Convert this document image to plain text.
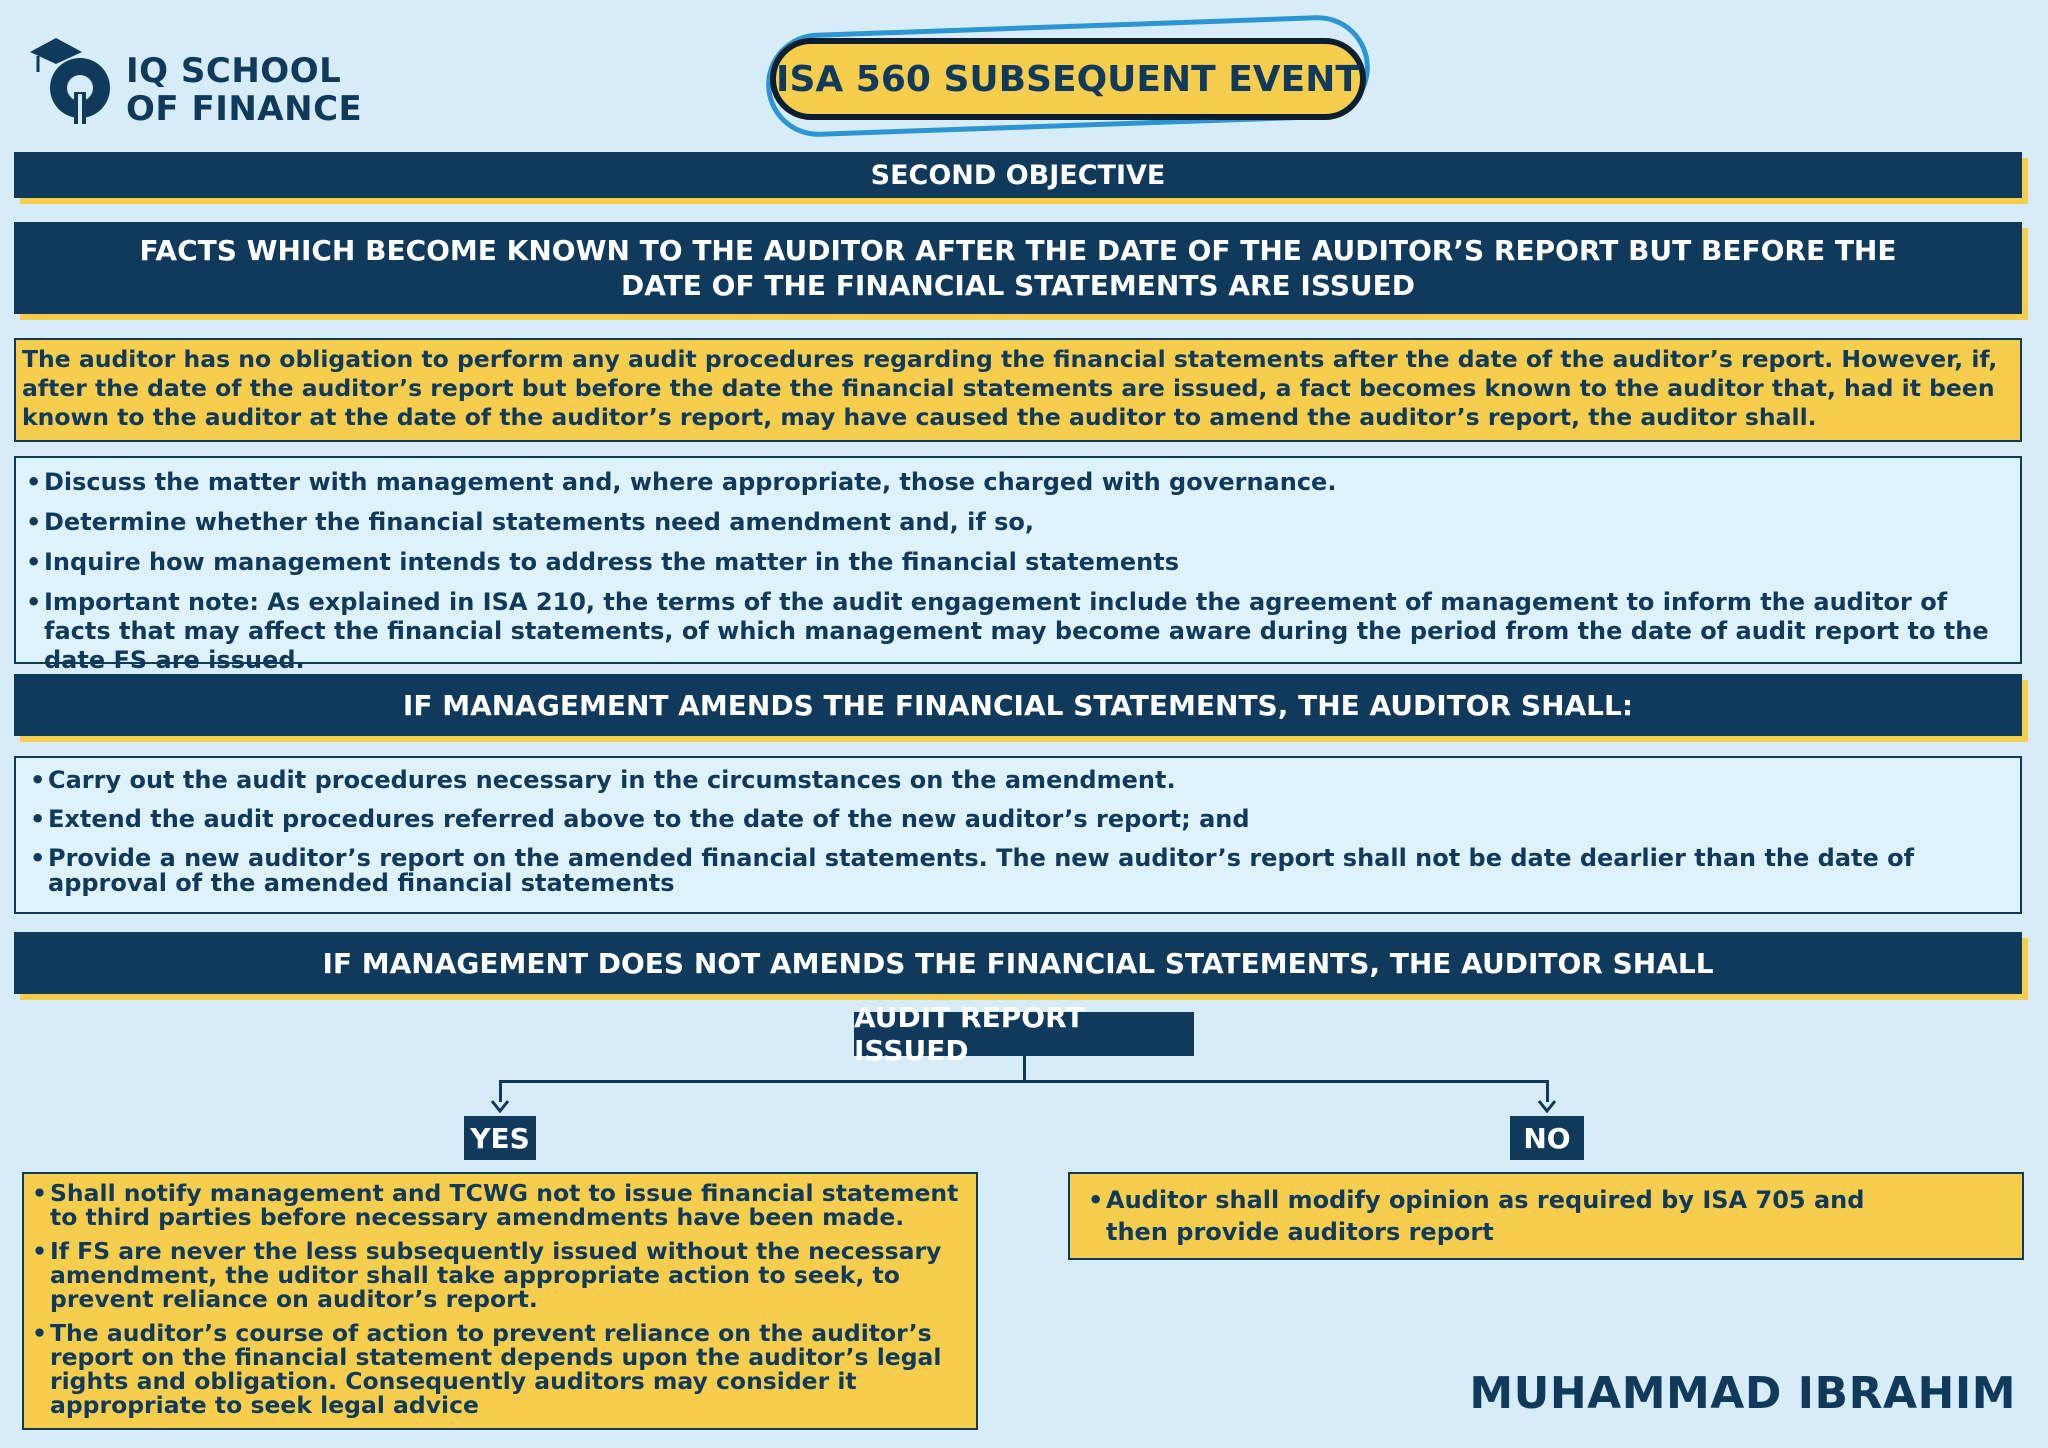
IQ SCHOOL
OF FINANCE
ISA 560 SUBSEQUENT EVENT
SECOND OBJECTIVE
FACTS WHICH BECOME KNOWN TO THE AUDITOR AFTER THE DATE OF THE AUDITOR’S REPORT BUT BEFORE THE DATE OF THE FINANCIAL STATEMENTS ARE ISSUED
The auditor has no obligation to perform any audit procedures regarding the financial statements after the date of the auditor’s report. However, if, after the date of the auditor’s report but before the date the financial statements are issued, a fact becomes known to the auditor that, had it been known to the auditor at the date of the auditor’s report, may have caused the auditor to amend the auditor’s report, the auditor shall.
• Discuss the matter with management and, where appropriate, those charged with governance.
• Determine whether the financial statements need amendment and, if so,
• Inquire how management intends to address the matter in the financial statements
• Important note: As explained in ISA 210, the terms of the audit engagement include the agreement of management to inform the auditor of facts that may affect the financial statements, of which management may become aware during the period from the date of audit report to the date FS are issued.
IF MANAGEMENT AMENDS THE FINANCIAL STATEMENTS, THE AUDITOR SHALL:
• Carry out the audit procedures necessary in the circumstances on the amendment.
• Extend the audit procedures referred above to the date of the new auditor’s report; and
• Provide a new auditor’s report on the amended financial statements. The new auditor’s report shall not be date dearlier than the date of approval of the amended financial statements
IF MANAGEMENT DOES NOT AMENDS THE FINANCIAL STATEMENTS, THE AUDITOR SHALL
AUDIT REPORT ISSUED
YES	NO
• Shall notify management and TCWG not to issue financial statement to third parties before necessary amendments have been made.
• If FS are never the less subsequently issued without the necessary amendment, the uditor shall take appropriate action to seek, to prevent reliance on auditor’s report.
• The auditor’s course of action to prevent reliance on the auditor’s report on the financial statement depends upon the auditor’s legal rights and obligation. Consequently auditors may consider it appropriate to seek legal advice
• Auditor shall modify opinion as required by ISA 705 and then provide auditors report
MUHAMMAD IBRAHIM
